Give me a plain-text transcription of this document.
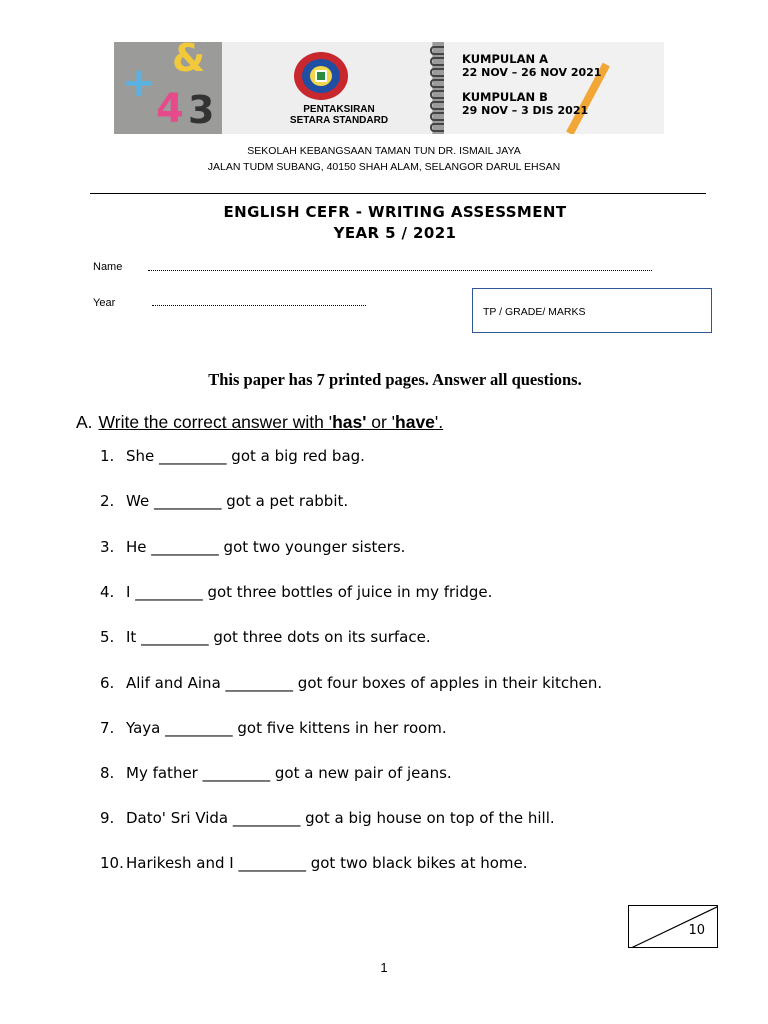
+
&
4 3	PENTAKSIRAN
SETARA STANDARD
KUMPULAN A
22 NOV – 26 NOV 2021
KUMPULAN B
29 NOV – 3 DIS 2021
SEKOLAH KEBANGSAAN TAMAN TUN DR. ISMAIL JAYA
JALAN TUDM SUBANG, 40150 SHAH ALAM, SELANGOR DARUL EHSAN
ENGLISH CEFR - WRITING ASSESSMENT
YEAR 5 / 2021
Name
Year
TP / GRADE/ MARKS
This paper has 7 printed pages. Answer all questions.
A. Write the correct answer with 'has' or 'have'.
1. She _________ got a big red bag.
2. We _________ got a pet rabbit.
3. He _________ got two younger sisters.
4. I _________ got three bottles of juice in my fridge.
5. It _________ got three dots on its surface.
6. Alif and Aina _________ got four boxes of apples in their kitchen.
7. Yaya _________ got five kittens in her room.
8. My father _________ got a new pair of jeans.
9. Dato' Sri Vida _________ got a big house on top of the hill.
10. Harikesh and I _________ got two black bikes at home.
10
1
